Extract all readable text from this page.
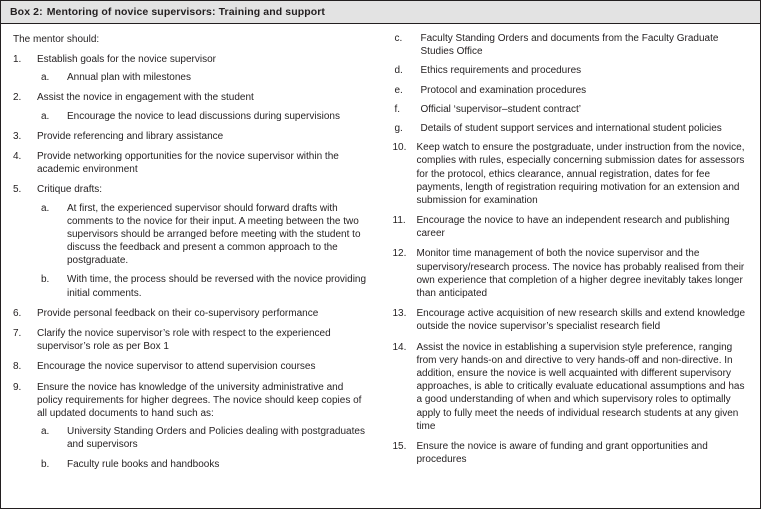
Box 2: Mentoring of novice supervisors: Training and support
The mentor should:
1.	Establish goals for the novice supervisor
a.	Annual plan with milestones
2.	Assist the novice in engagement with the student
a.	Encourage the novice to lead discussions during supervisions
3.	Provide referencing and library assistance
4.	Provide networking opportunities for the novice supervisor within the academic environment
5.	Critique drafts:
a.	At first, the experienced supervisor should forward drafts with comments to the novice for their input. A meeting between the two supervisors should be arranged before meeting with the student to discuss the feedback and present a common approach to the postgraduate.
b.	With time, the process should be reversed with the novice providing initial comments.
6.	Provide personal feedback on their co-supervisory performance
7.	Clarify the novice supervisor’s role with respect to the experienced supervisor’s role as per Box 1
8.	Encourage the novice supervisor to attend supervision courses
9.	Ensure the novice has knowledge of the university administrative and policy requirements for higher degrees. The novice should keep copies of all updated documents to hand such as:
a.	University Standing Orders and Policies dealing with postgraduates and supervisors
b.	Faculty rule books and handbooks
c.	Faculty Standing Orders and documents from the Faculty Graduate Studies Office
d.	Ethics requirements and procedures
e.	Protocol and examination procedures
f.	Official ‘supervisor–student contract’
g.	Details of student support services and international student policies
10.	Keep watch to ensure the postgraduate, under instruction from the novice, complies with rules, especially concerning submission dates for assessors for the protocol, ethics clearance, annual registration, dates for fee payments, length of registration requiring motivation for an extension and submission for examination
11.	Encourage the novice to have an independent research and publishing career
12.	Monitor time management of both the novice supervisor and the supervisory/research process. The novice has probably realised from their own experience that completion of a higher degree inevitably takes longer than anticipated
13.	Encourage active acquisition of new research skills and extend knowledge outside the novice supervisor’s specialist research field
14.	Assist the novice in establishing a supervision style preference, ranging from very hands-on and directive to very hands-off and non-directive. In addition, ensure the novice is well acquainted with different supervisory approaches, is able to critically evaluate educational assumptions and has a good understanding of when and which supervisory roles to optimally apply to fully meet the needs of individual research students at any given time
15.	Ensure the novice is aware of funding and grant opportunities and procedures
